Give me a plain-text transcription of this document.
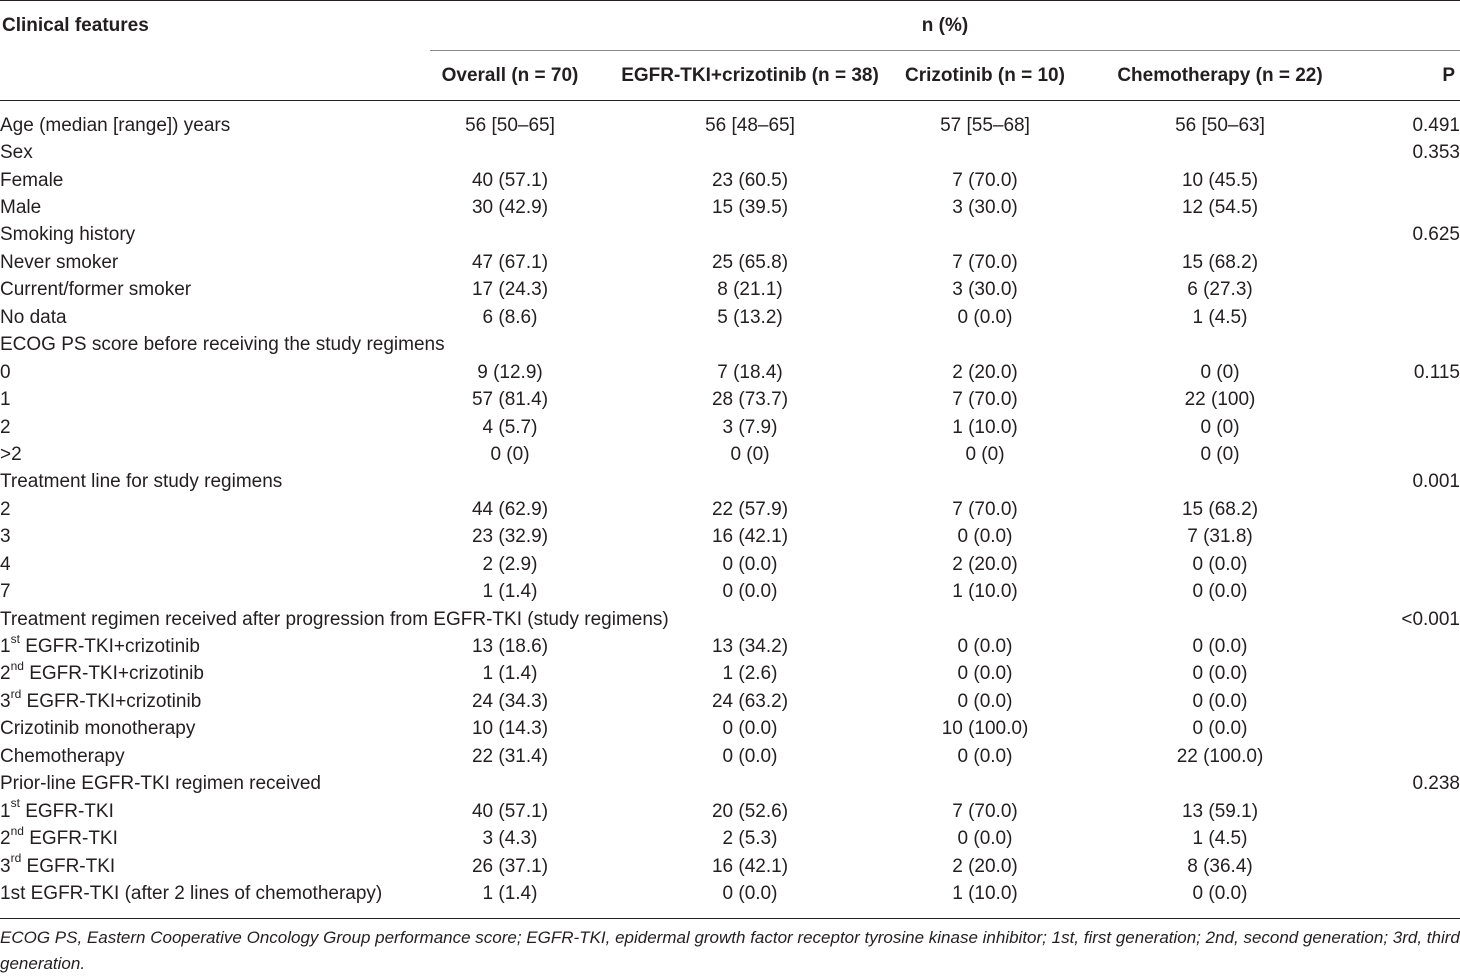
Clinical features	n (%)
Overall (n = 70)	EGFR-TKI+crizotinib (n = 38)	Crizotinib (n = 10)	Chemotherapy (n = 22)	P
Age (median [range]) years	56 [50–65]	56 [48–65]	57 [55–68]	56 [50–63]	0.491
Sex					0.353
Female	40 (57.1)	23 (60.5)	7 (70.0)	10 (45.5)	
Male	30 (42.9)	15 (39.5)	3 (30.0)	12 (54.5)	
Smoking history					0.625
Never smoker	47 (67.1)	25 (65.8)	7 (70.0)	15 (68.2)	
Current/former smoker	17 (24.3)	8 (21.1)	3 (30.0)	6 (27.3)	
No data	6 (8.6)	5 (13.2)	0 (0.0)	1 (4.5)	
ECOG PS score before receiving the study regimens					
0	9 (12.9)	7 (18.4)	2 (20.0)	0 (0)	0.115
1	57 (81.4)	28 (73.7)	7 (70.0)	22 (100)	
2	4 (5.7)	3 (7.9)	1 (10.0)	0 (0)	
>2	0 (0)	0 (0)	0 (0)	0 (0)	
Treatment line for study regimens					0.001
2	44 (62.9)	22 (57.9)	7 (70.0)	15 (68.2)	
3	23 (32.9)	16 (42.1)	0 (0.0)	7 (31.8)	
4	2 (2.9)	0 (0.0)	2 (20.0)	0 (0.0)	
7	1 (1.4)	0 (0.0)	1 (10.0)	0 (0.0)	
Treatment regimen received after progression from EGFR-TKI (study regimens)					<0.001
1st EGFR-TKI+crizotinib	13 (18.6)	13 (34.2)	0 (0.0)	0 (0.0)	
2nd EGFR-TKI+crizotinib	1 (1.4)	1 (2.6)	0 (0.0)	0 (0.0)	
3rd EGFR-TKI+crizotinib	24 (34.3)	24 (63.2)	0 (0.0)	0 (0.0)	
Crizotinib monotherapy	10 (14.3)	0 (0.0)	10 (100.0)	0 (0.0)	
Chemotherapy	22 (31.4)	0 (0.0)	0 (0.0)	22 (100.0)	
Prior-line EGFR-TKI regimen received					0.238
1st EGFR-TKI	40 (57.1)	20 (52.6)	7 (70.0)	13 (59.1)	
2nd EGFR-TKI	3 (4.3)	2 (5.3)	0 (0.0)	1 (4.5)	
3rd EGFR-TKI	26 (37.1)	16 (42.1)	2 (20.0)	8 (36.4)	
1st EGFR-TKI (after 2 lines of chemotherapy)	1 (1.4)	0 (0.0)	1 (10.0)	0 (0.0)	
ECOG PS, Eastern Cooperative Oncology Group performance score; EGFR-TKI, epidermal growth factor receptor tyrosine kinase inhibitor; 1st, first generation; 2nd, second generation; 3rd, third generation.
